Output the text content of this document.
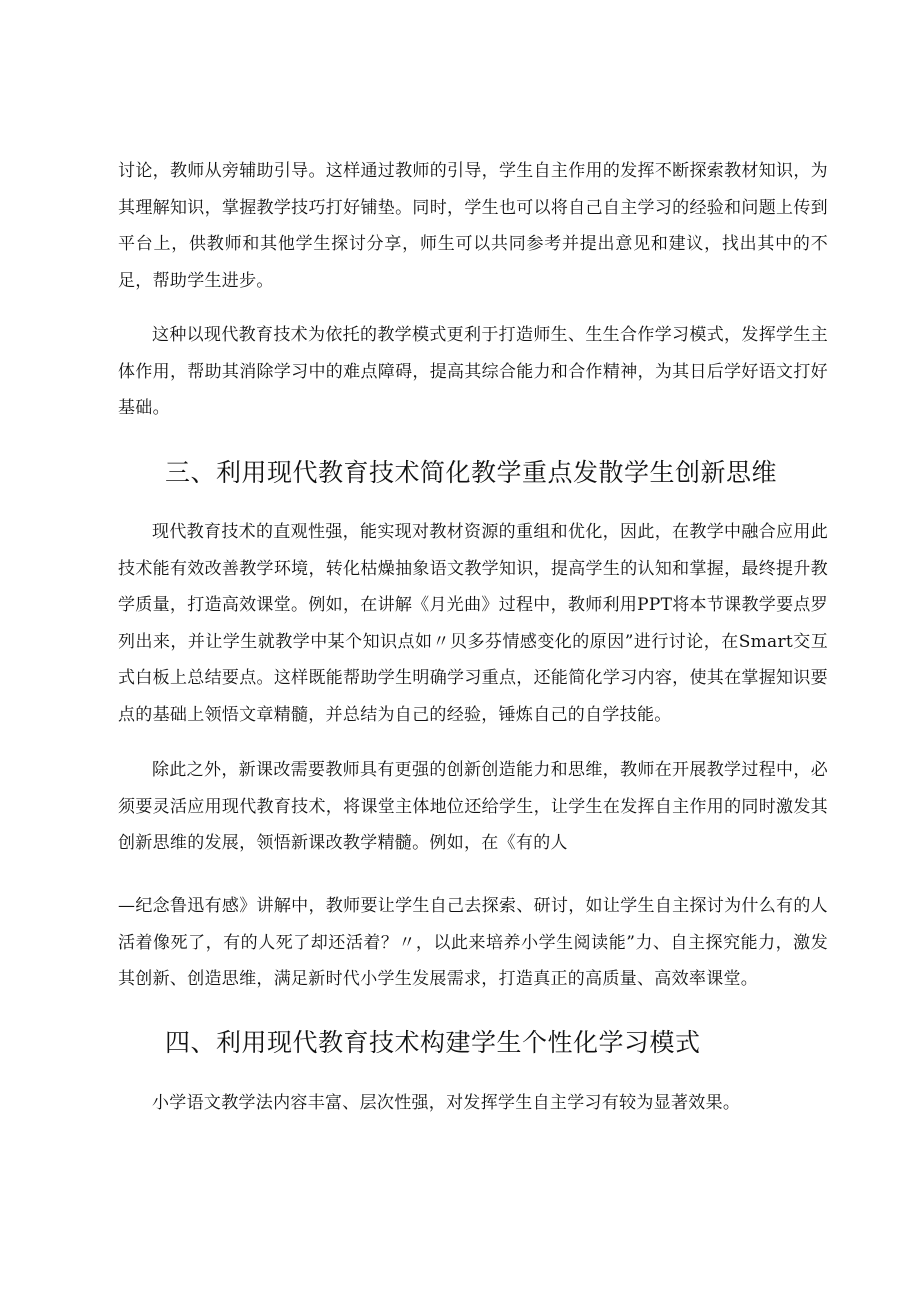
讨论，教师从旁辅助引导。这样通过教师的引导，学生自主作用的发挥不断探索教材知识，为其理解知识，掌握教学技巧打好铺垫。同时，学生也可以将自己自主学习的经验和问题上传到平台上，供教师和其他学生探讨分享，师生可以共同参考并提出意见和建议，找出其中的不足，帮助学生进步。

这种以现代教育技术为依托的教学模式更利于打造师生、生生合作学习模式，发挥学生主体作用，帮助其消除学习中的难点障碍，提高其综合能力和合作精神，为其日后学好语文打好基础。

三、利用现代教育技术简化教学重点发散学生创新思维

现代教育技术的直观性强，能实现对教材资源的重组和优化，因此，在教学中融合应用此技术能有效改善教学环境，转化枯燥抽象语文教学知识，提高学生的认知和掌握，最终提升教学质量，打造高效课堂。例如，在讲解《月光曲》过程中，教师利用PPT将本节课教学要点罗列出来，并让学生就教学中某个知识点如〃贝多芬情感变化的原因”进行讨论，在Smart交互式白板上总结要点。这样既能帮助学生明确学习重点，还能简化学习内容，使其在掌握知识要点的基础上领悟文章精髓，并总结为自己的经验，锤炼自己的自学技能。

除此之外，新课改需要教师具有更强的创新创造能力和思维，教师在开展教学过程中，必须要灵活应用现代教育技术，将课堂主体地位还给学生，让学生在发挥自主作用的同时激发其创新思维的发展，领悟新课改教学精髓。例如，在《有的人

—纪念鲁迅有感》讲解中，教师要让学生自己去探索、研讨，如让学生自主探讨为什么有的人活着像死了，有的人死了却还活着？〃，以此来培养小学生阅读能”力、自主探究能力，激发其创新、创造思维，满足新时代小学生发展需求，打造真正的高质量、高效率课堂。

四、利用现代教育技术构建学生个性化学习模式

小学语文教学法内容丰富、层次性强，对发挥学生自主学习有较为显著效果。
